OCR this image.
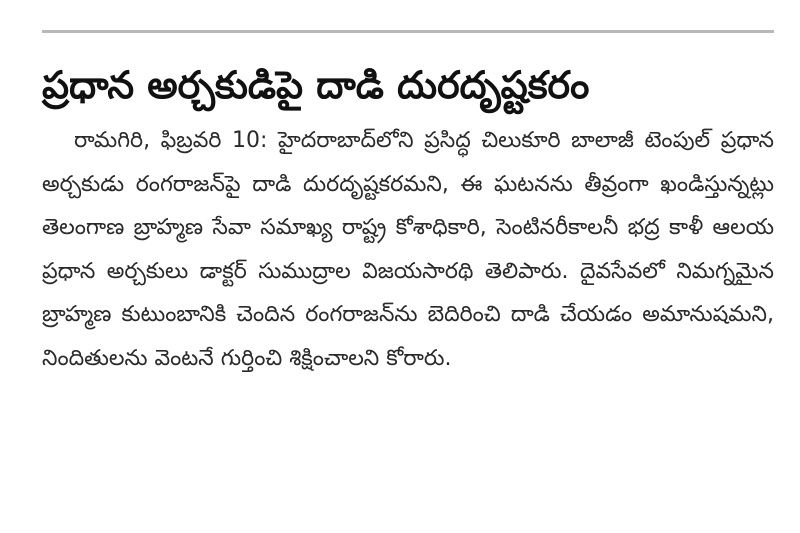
ప్రధాన అర్చకుడిపై దాడి దురదృష్టకరం

రామగిరి, ఫిబ్రవరి 10: హైదరాబాద్‌లోని ప్రసిద్ధ చిలుకూరి బాలాజీ టెంపుల్ ప్రధాన అర్చకుడు రంగరాజన్‌పై దాడి దురదృష్టకరమని, ఈ ఘటనను తీవ్రంగా ఖండిస్తున్నట్లు తెలంగాణ బ్రాహ్మణ సేవా సమాఖ్య రాష్ట్ర కోశాధికారి, సెంటినరీకాలనీ భద్ర కాళీ ఆలయ ప్రధాన అర్చకులు డాక్టర్ సుముద్రాల విజయసారథి తెలిపారు. దైవసేవలో నిమగ్నమైన బ్రాహ్మణ కుటుంబానికి చెందిన రంగరాజన్‌ను బెదిరించి దాడి చేయడం అమానుషమని, నిందితులను వెంటనే గుర్తించి శిక్షించాలని కోరారు.
